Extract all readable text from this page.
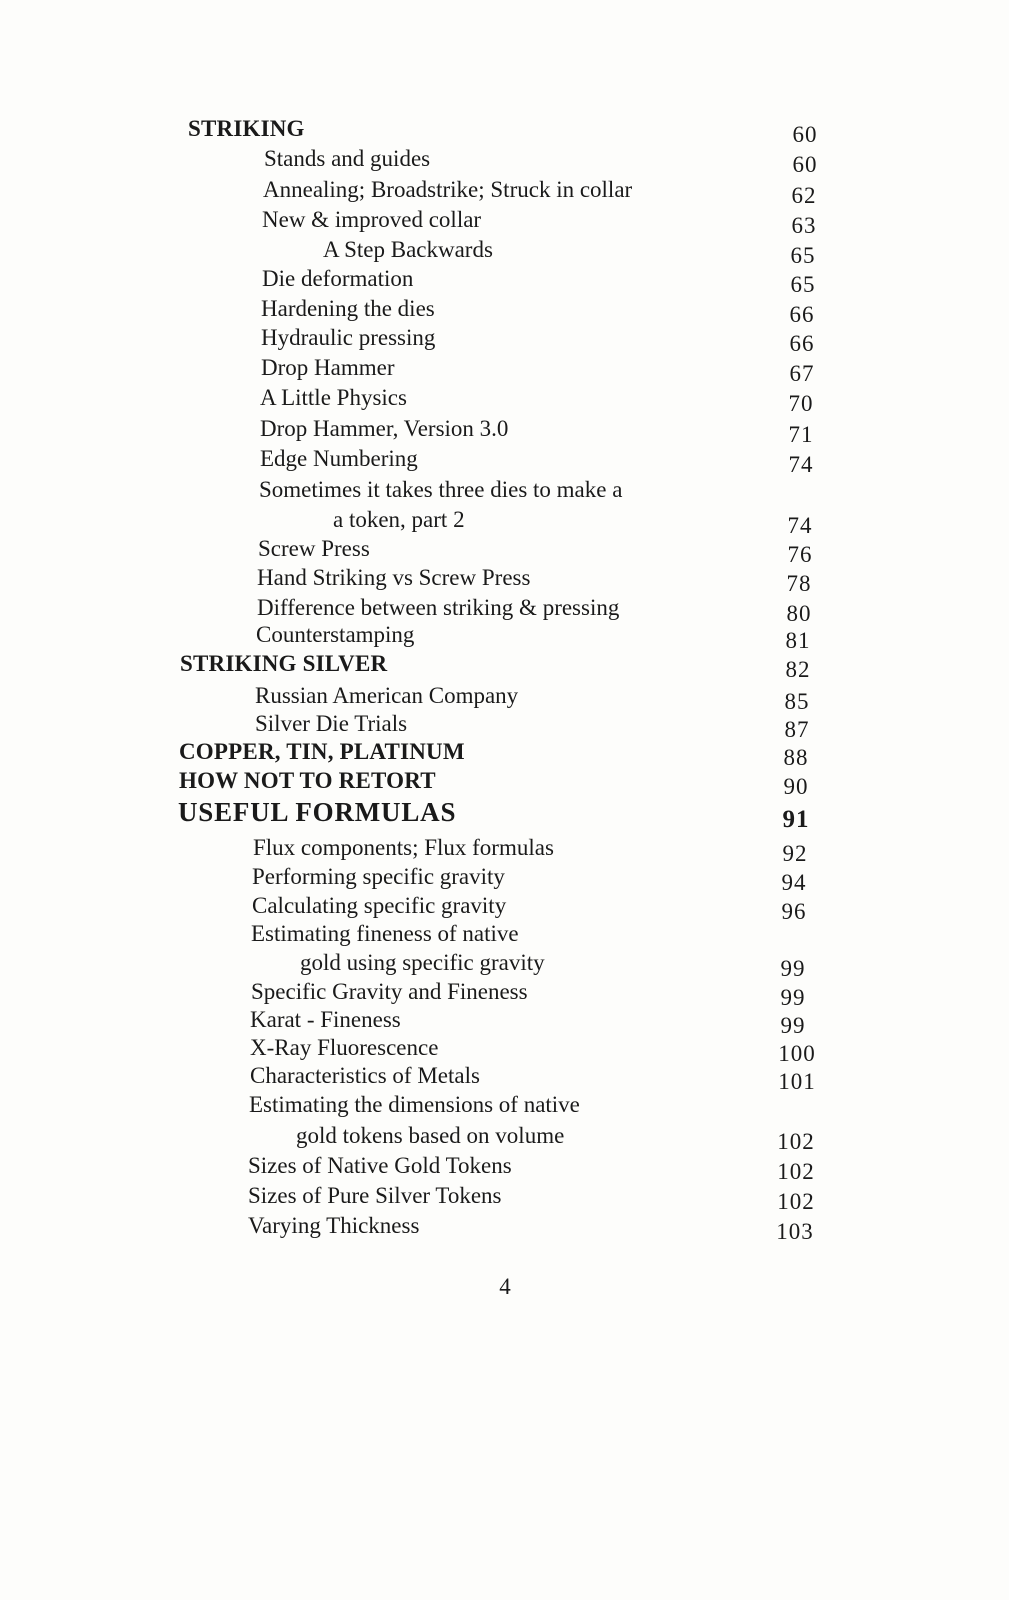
STRIKING	60
Stands and guides	60
Annealing; Broadstrike; Struck in collar	62
New & improved collar	63
A Step Backwards	65
Die deformation	65
Hardening the dies	66
Hydraulic pressing	66
Drop Hammer	67
A Little Physics	70
Drop Hammer, Version 3.0	71
Edge Numbering	74
Sometimes it takes three dies to make a
a token, part 2	74
Screw Press	76
Hand Striking vs Screw Press	78
Difference between striking & pressing	80
Counterstamping	81
STRIKING SILVER	82
Russian American Company	85
Silver Die Trials	87
COPPER, TIN, PLATINUM	88
HOW NOT TO RETORT	90
USEFUL FORMULAS	91
Flux components; Flux formulas	92
Performing specific gravity	94
Calculating specific gravity	96
Estimating fineness of native
gold using specific gravity	99
Specific Gravity and Fineness	99
Karat - Fineness	99
X-Ray Fluorescence	100
Characteristics of Metals	101
Estimating the dimensions of native
gold tokens based on volume	102
Sizes of Native Gold Tokens	102
Sizes of Pure Silver Tokens	102
Varying Thickness	103
4
